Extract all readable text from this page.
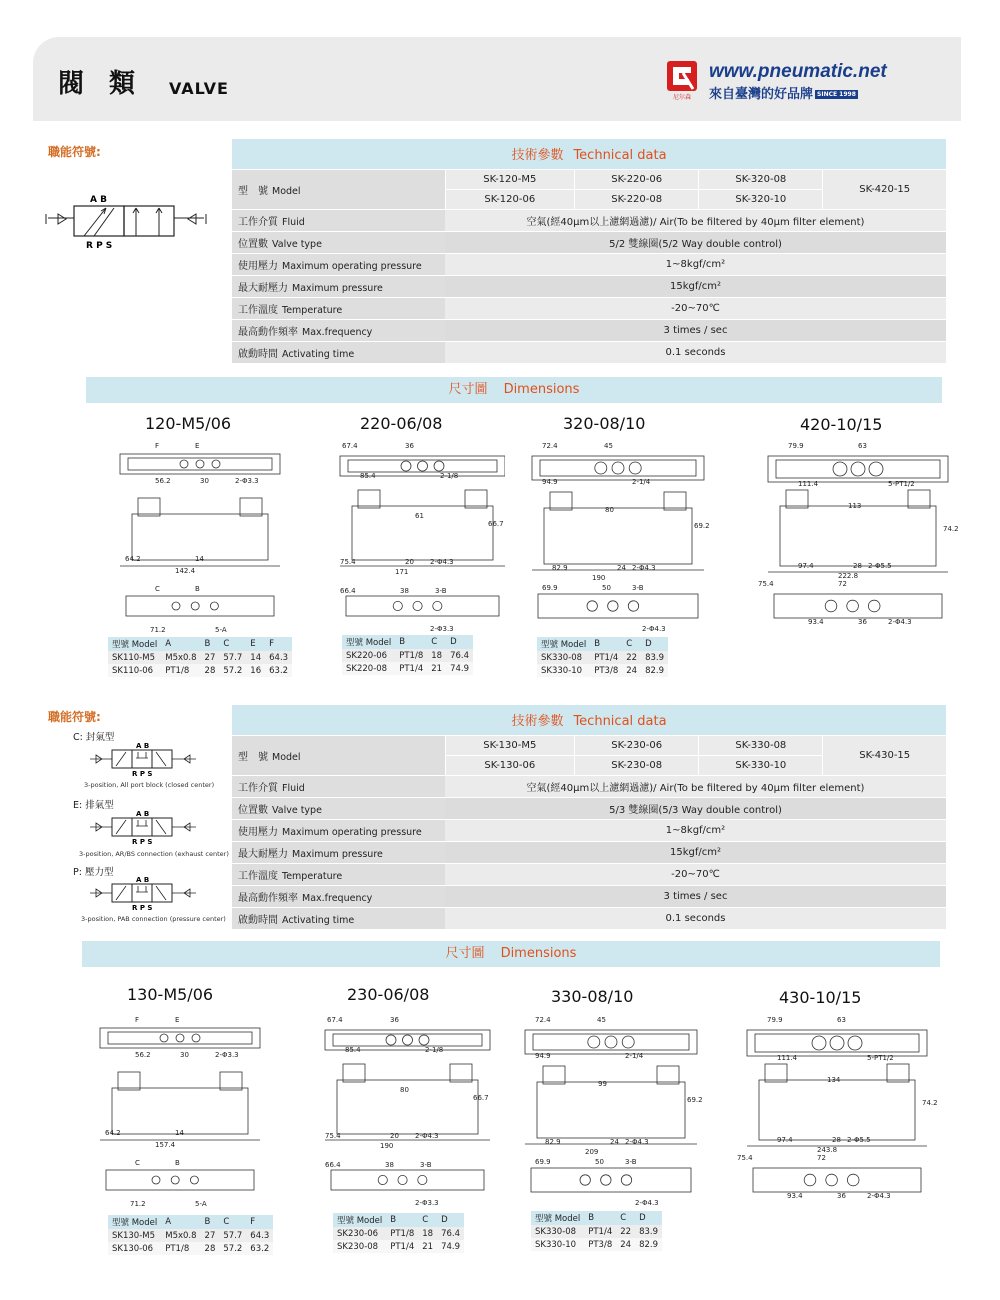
閥 類 VALVE	尼尔森
www.pneumatic.net
來自臺灣的好品牌 SINCE 1998
職能符號:
A B
R P S
技術參數 Technical data				
型　號 Model	SK-120-M5	SK-220-06	SK-320-08	SK-420-15
	SK-120-06	SK-220-08	SK-320-10	
工作介質 Fluid	空氣(經40μm以上濾網過濾)/ Air(To be filtered by 40μm filter element)			
位置數 Valve type	5/2 雙線圈(5/2 Way double control)			
使用壓力 Maximum operating pressure	1~8kgf/cm²			
最大耐壓力 Maximum pressure	15kgf/cm²			
工作溫度 Temperature	-20~70℃			
最高動作頻率 Max.frequency	3 times / sec			
啟動時間 Activating time	0.1 seconds			
尺寸圖 Dimensions
120-M5/06	220-06/08	320-08/10	420-10/15
F	E
56.2	30	2-Φ3.3
64.2
142.4
14
C	B
71.2	5-A
67.4	36
85.4	2-1/8
61
66.7
75.4	20 2-Φ4.3
171
66.4	38	3-B
2-Φ3.3
72.4	45
94.9	2-1/4
80
69.2
82.9	24 2-Φ4.3
190
69.9	50	3-B
2-Φ4.3
79.9	63
111.4	5-PT1/2
113
74.2
97.4	28 2-Φ5.5
222.8
75.4	72
93.4	36	2-Φ4.3
型號 Model	A	B	C	E	F
SK110-M5	M5x0.8	27	57.7	14	64.3
SK110-06	PT1/8	28	57.2	16	63.2
型號 Model	B	C	D
SK220-06	PT1/8	18	76.4
SK220-08	PT1/4	21	74.9
型號 Model	B	C	D
SK330-08	PT1/4	22	83.9
SK330-10	PT3/8	24	82.9
職能符號:
C: 封氣型
A B
R P S
3-position, All port block (closed center)
E: 排氣型
A B
R P S
3-position, AR/BS connection (exhaust center)
P: 壓力型
A B
R P S
3-position, PAB connection (pressure center)
技術參數 Technical data				
型　號 Model	SK-130-M5	SK-230-06	SK-330-08	SK-430-15
	SK-130-06	SK-230-08	SK-330-10	
工作介質 Fluid	空氣(經40μm以上濾網過濾)/ Air(To be filtered by 40μm filter element)			
位置數 Valve type	5/3 雙線圈(5/3 Way double control)			
使用壓力 Maximum operating pressure	1~8kgf/cm²			
最大耐壓力 Maximum pressure	15kgf/cm²			
工作溫度 Temperature	-20~70℃			
最高動作頻率 Max.frequency	3 times / sec			
啟動時間 Activating time	0.1 seconds			
尺寸圖 Dimensions
130-M5/06	230-06/08	330-08/10	430-10/15
F	E
56.2	30	2-Φ3.3
64.2
157.4
14
C	B
71.2	5-A
67.4	36
85.4	2-1/8
80
66.7
75.4	20 2-Φ4.3
190
66.4	38	3-B
2-Φ3.3
72.4	45
94.9	2-1/4
99
69.2
82.9	24 2-Φ4.3
209
69.9	50	3-B
2-Φ4.3
79.9	63
111.4	5-PT1/2
134
74.2
97.4	28 2-Φ5.5
243.8
75.4	72
93.4	36	2-Φ4.3
型號 Model	A	B	C	F
SK130-M5	M5x0.8	27	57.7	64.3
SK130-06	PT1/8	28	57.2	63.2
型號 Model	B	C	D
SK230-06	PT1/8	18	76.4
SK230-08	PT1/4	21	74.9
型號 Model	B	C	D
SK330-08	PT1/4	22	83.9
SK330-10	PT3/8	24	82.9
